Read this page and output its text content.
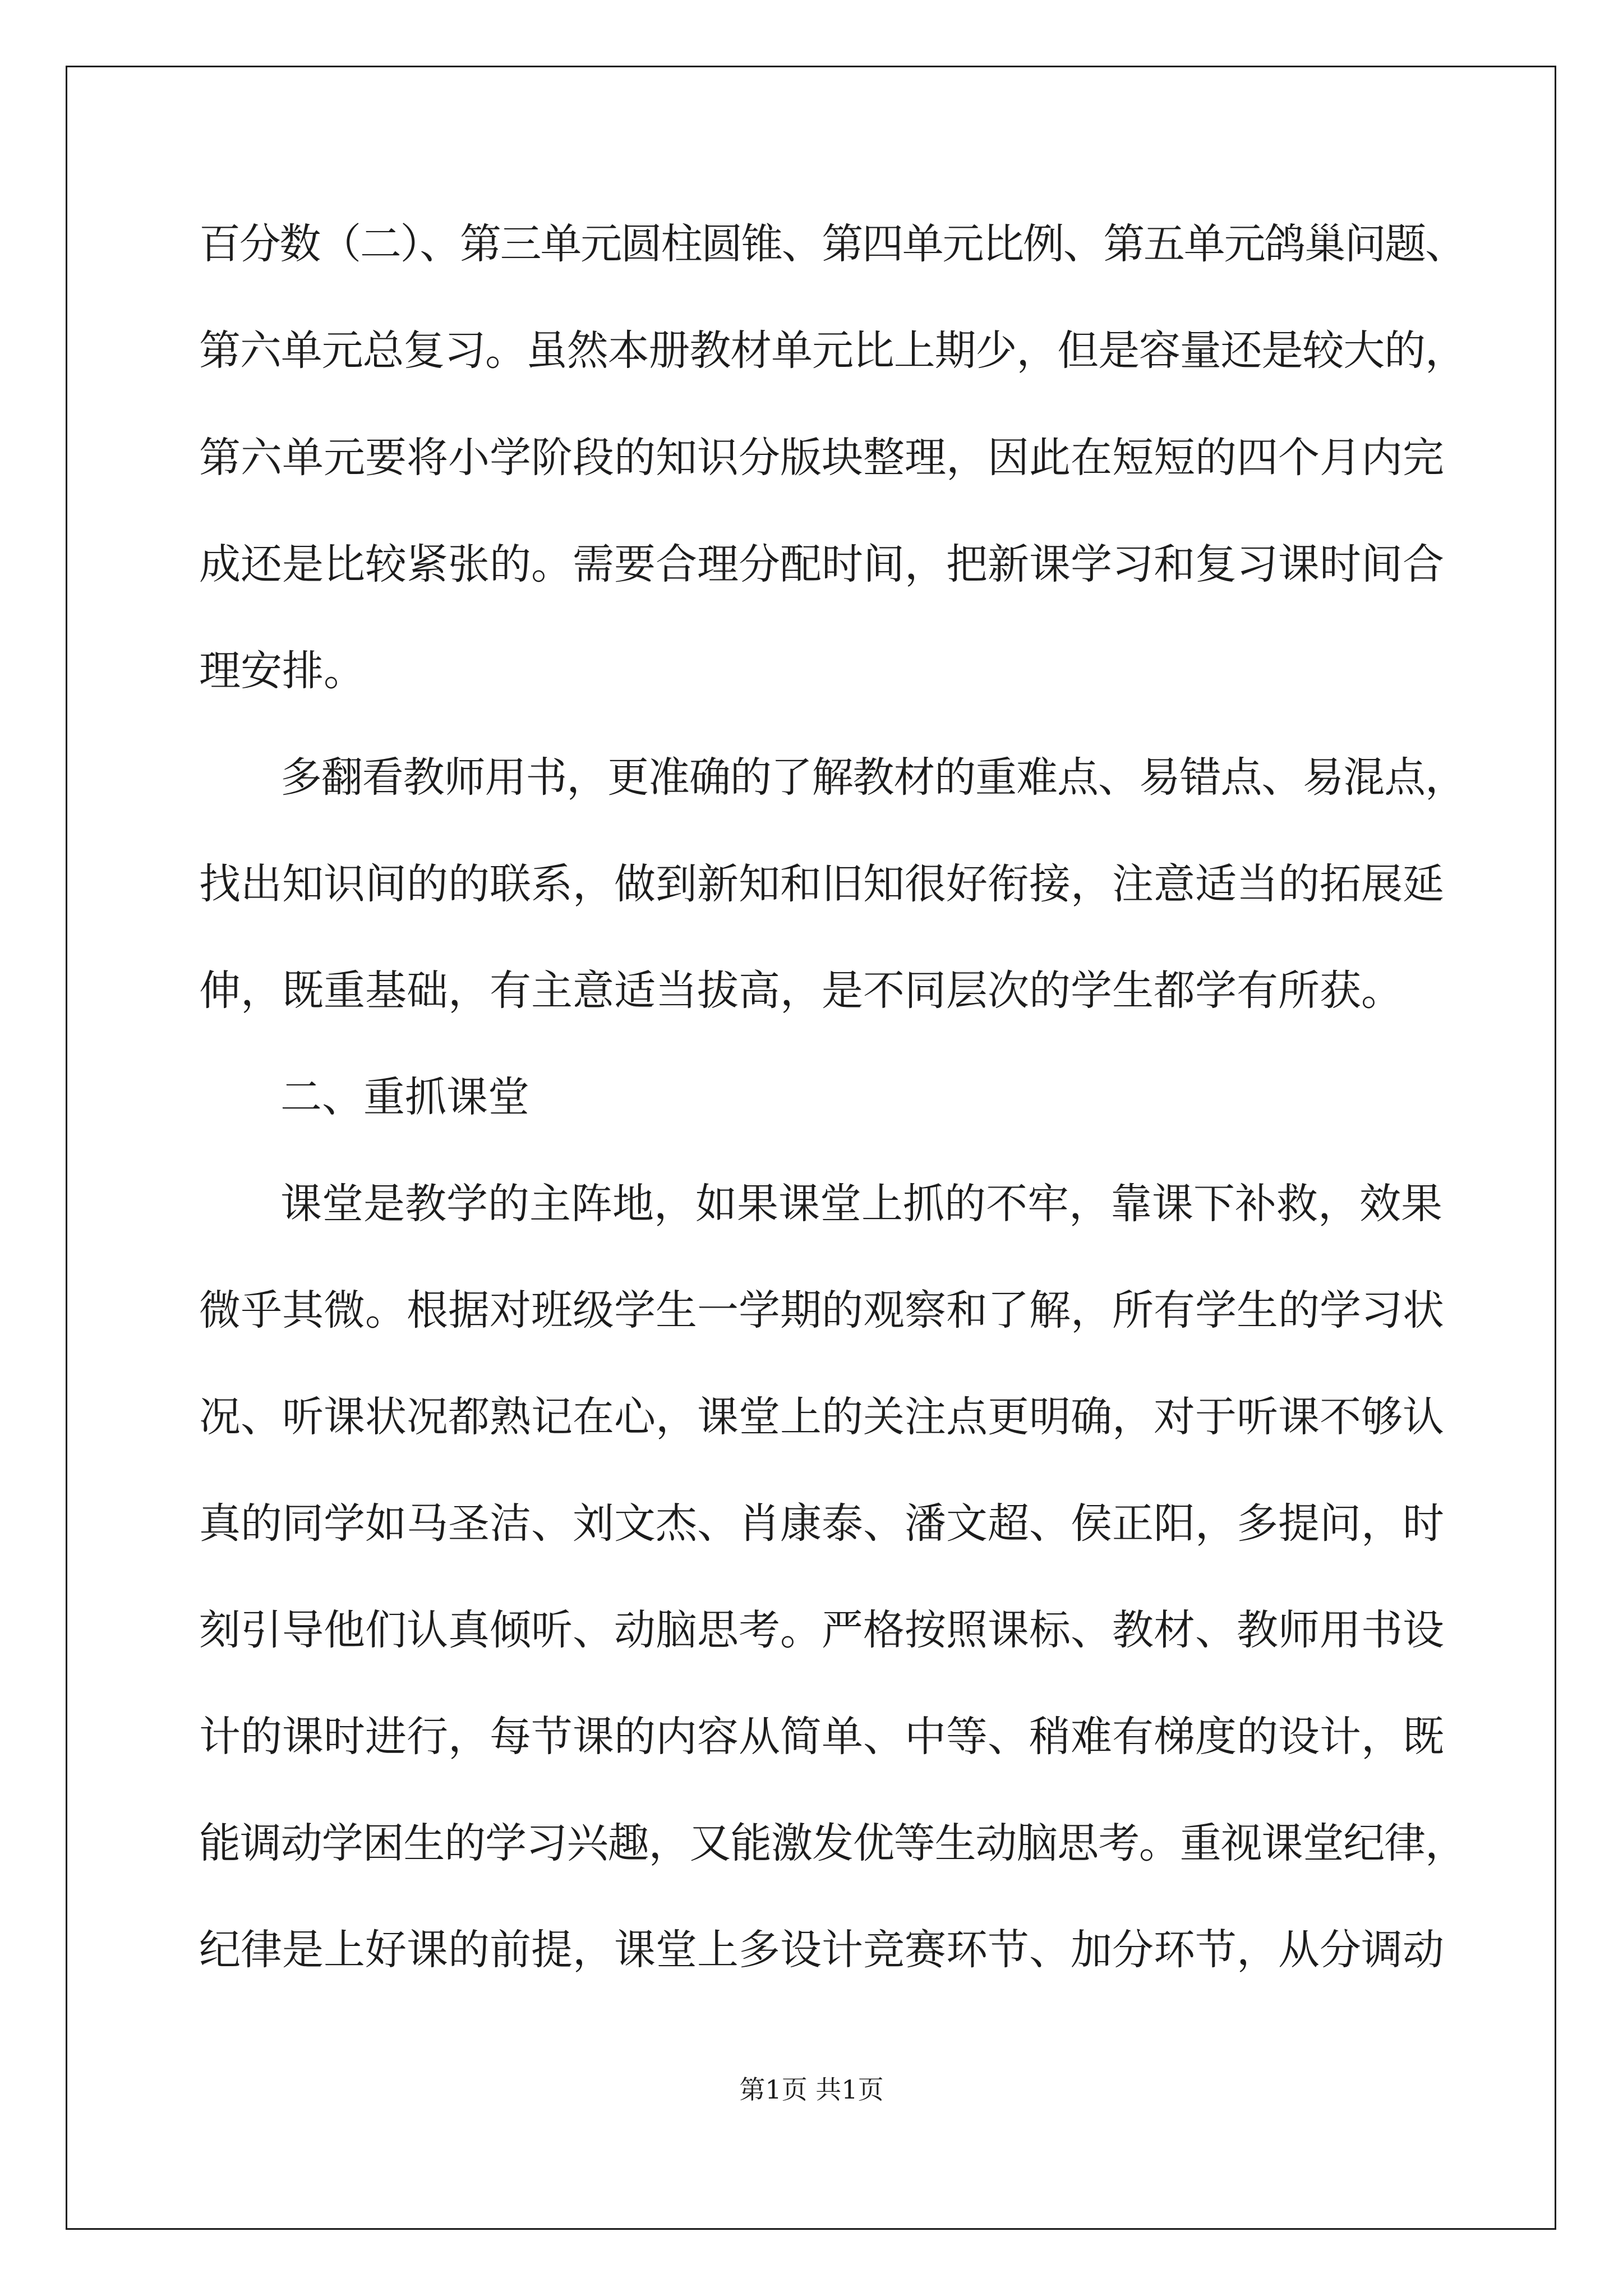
百分数（二）、第三单元圆柱圆锥、第四单元比例、第五单元鸽巢问题、
第六单元总复习。虽然本册教材单元比上期少，但是容量还是较大的，
第六单元要将小学阶段的知识分版块整理，因此在短短的四个月内完
成还是比较紧张的。需要合理分配时间，把新课学习和复习课时间合
理安排。
多翻看教师用书，更准确的了解教材的重难点、易错点、易混点，
找出知识间的的联系，做到新知和旧知很好衔接，注意适当的拓展延
伸，既重基础，有主意适当拔高，是不同层次的学生都学有所获。
二、重抓课堂
课堂是教学的主阵地，如果课堂上抓的不牢，靠课下补救，效果
微乎其微。根据对班级学生一学期的观察和了解，所有学生的学习状
况、听课状况都熟记在心，课堂上的关注点更明确，对于听课不够认
真的同学如马圣洁、刘文杰、肖康泰、潘文超、侯正阳，多提问，时
刻引导他们认真倾听、动脑思考。严格按照课标、教材、教师用书设
计的课时进行，每节课的内容从简单、中等、稍难有梯度的设计，既
能调动学困生的学习兴趣，又能激发优等生动脑思考。重视课堂纪律，
纪律是上好课的前提，课堂上多设计竞赛环节、加分环节，从分调动
第1页 共1页
